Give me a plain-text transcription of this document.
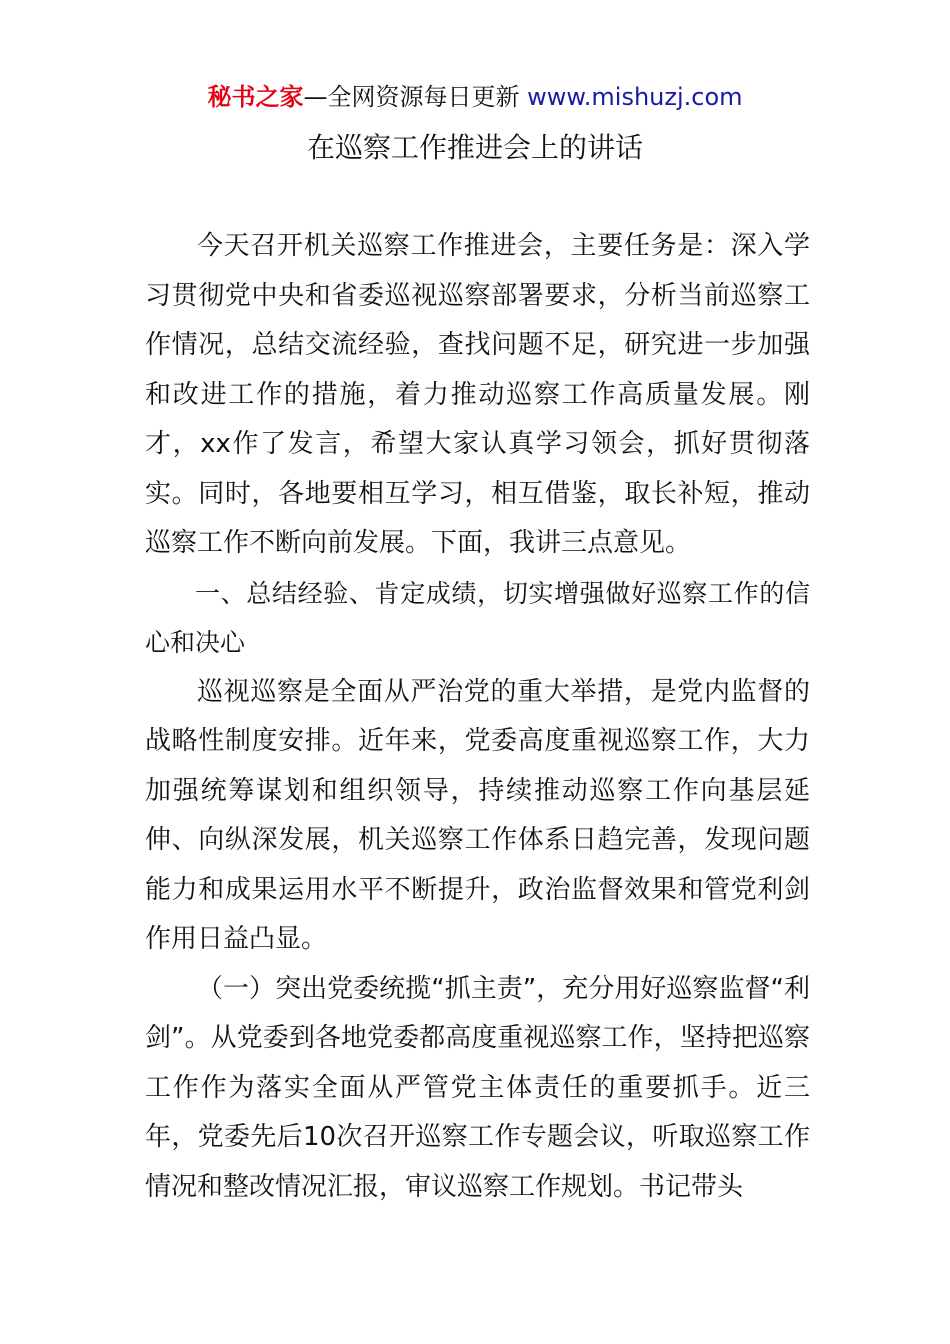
秘书之家—全网资源每日更新 www.mishuzj.com
在巡察工作推进会上的讲话

今天召开机关巡察工作推进会，主要任务是：深入学习贯彻党中央和省委巡视巡察部署要求，分析当前巡察工作情况，总结交流经验，查找问题不足，研究进一步加强和改进工作的措施，着力推动巡察工作高质量发展。刚才，xx作了发言，希望大家认真学习领会，抓好贯彻落实。同时，各地要相互学习，相互借鉴，取长补短，推动巡察工作不断向前发展。下面，我讲三点意见。

一、总结经验、肯定成绩，切实增强做好巡察工作的信心和决心

巡视巡察是全面从严治党的重大举措，是党内监督的战略性制度安排。近年来，党委高度重视巡察工作，大力加强统筹谋划和组织领导，持续推动巡察工作向基层延伸、向纵深发展，机关巡察工作体系日趋完善，发现问题能力和成果运用水平不断提升，政治监督效果和管党利剑作用日益凸显。

（一）突出党委统揽“抓主责”，充分用好巡察监督“利剑”。从党委到各地党委都高度重视巡察工作，坚持把巡察工作作为落实全面从严管党主体责任的重要抓手。近三年，党委先后10次召开巡察工作专题会议，听取巡察工作情况和整改情况汇报，审议巡察工作规划。书记带头
